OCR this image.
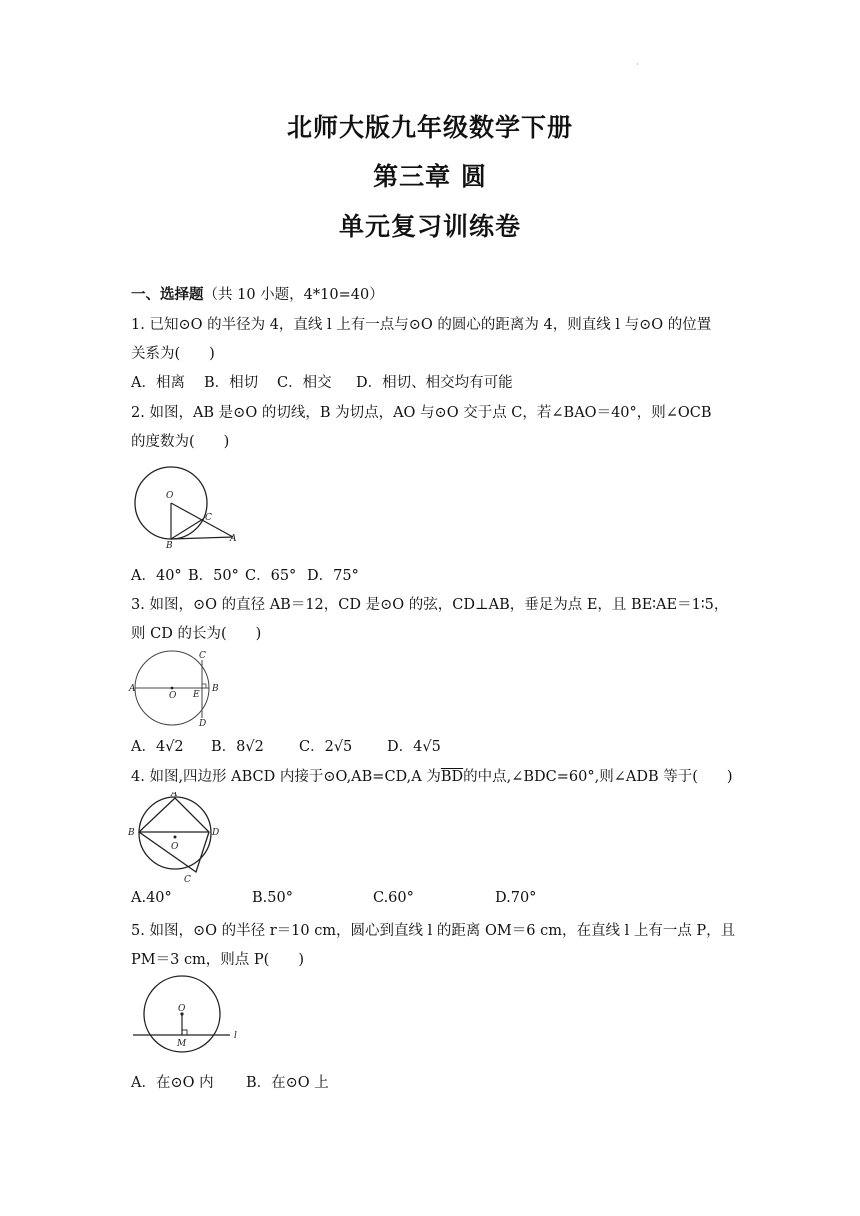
·
北师大版九年级数学下册
第三章 圆
单元复习训练卷
一、选择题（共 10 小题，4*10=40）
1. 已知⊙O 的半径为 4，直线 l 上有一点与⊙O 的圆心的距离为 4，则直线 l 与⊙O 的位置
关系为(　　)
A．相离 B．相切 C．相交 D．相切、相交均有可能
2. 如图，AB 是⊙O 的切线，B 为切点，AO 与⊙O 交于点 C，若∠BAO＝40°，则∠OCB
的度数为(　　)
O
C
B
A
A．40° B．50° C．65° D．75°
3. 如图，⊙O 的直径 AB＝12，CD 是⊙O 的弦，CD⊥AB，垂足为点 E，且 BE∶AE＝1∶5，
则 CD 的长为(　　)
A
O E
B
C
D
A．4√2 B．8√2 C．2√5 D．4√5
4. 如图,四边形 ABCD 内接于⊙O,AB=CD,A 为$\overline{BD}$的中点,∠BDC=60°,则∠ADB 等于(　　)
A
B	D
O
C
A.40°	B.50°	C.60°	D.70°
5. 如图，⊙O 的半径 r＝10 cm，圆心到直线 l 的距离 OM＝6 cm，在直线 l 上有一点 P，且
PM＝3 cm，则点 P(　　)
O
M
l
A．在⊙O 内 B．在⊙O 上
